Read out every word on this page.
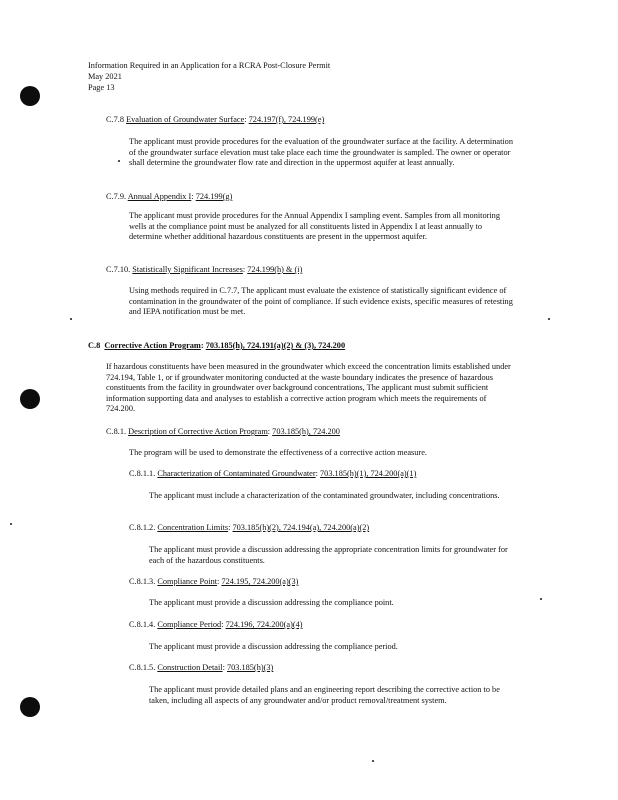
Information Required in an Application for a RCRA Post-Closure Permit
May 2021
Page 13
C.7.8 Evaluation of Groundwater Surface: 724.197(f), 724.199(e)
The applicant must provide procedures for the evaluation of the groundwater surface at the facility. A determination of the groundwater surface elevation must take place each time the groundwater is sampled. The owner or operator shall determine the groundwater flow rate and direction in the uppermost aquifer at least annually.
C.7.9. Annual Appendix I: 724.199(g)
The applicant must provide procedures for the Annual Appendix I sampling event. Samples from all monitoring wells at the compliance point must be analyzed for all constituents listed in Appendix I at least annually to determine whether additional hazardous constituents are present in the uppermost aquifer.
C.7.10. Statistically Significant Increases: 724.199(h) & (i)
Using methods required in C.7.7, The applicant must evaluate the existence of statistically significant evidence of contamination in the groundwater of the point of compliance. If such evidence exists, specific measures of retesting and IEPA notification must be met.
C.8 Corrective Action Program: 703.185(h), 724.191(a)(2) & (3), 724.200
If hazardous constituents have been measured in the groundwater which exceed the concentration limits established under 724.194, Table 1, or if groundwater monitoring conducted at the waste boundary indicates the presence of hazardous constituents from the facility in groundwater over background concentrations, The applicant must submit sufficient information supporting data and analyses to establish a corrective action program which meets the requirements of 724.200.
C.8.1. Description of Corrective Action Program: 703.185(h), 724.200
The program will be used to demonstrate the effectiveness of a corrective action measure.
C.8.1.1. Characterization of Contaminated Groundwater: 703.185(h)(1), 724.200(a)(1)
The applicant must include a characterization of the contaminated groundwater, including concentrations.
C.8.1.2. Concentration Limits: 703.185(h)(2), 724.194(a), 724.200(a)(2)
The applicant must provide a discussion addressing the appropriate concentration limits for groundwater for each of the hazardous constituents.
C.8.1.3. Compliance Point: 724.195, 724.200(a)(3)
The applicant must provide a discussion addressing the compliance point.
C.8.1.4. Compliance Period: 724.196, 724.200(a)(4)
The applicant must provide a discussion addressing the compliance period.
C.8.1.5. Construction Detail: 703.185(h)(3)
The applicant must provide detailed plans and an engineering report describing the corrective action to be taken, including all aspects of any groundwater and/or product removal/treatment system.
